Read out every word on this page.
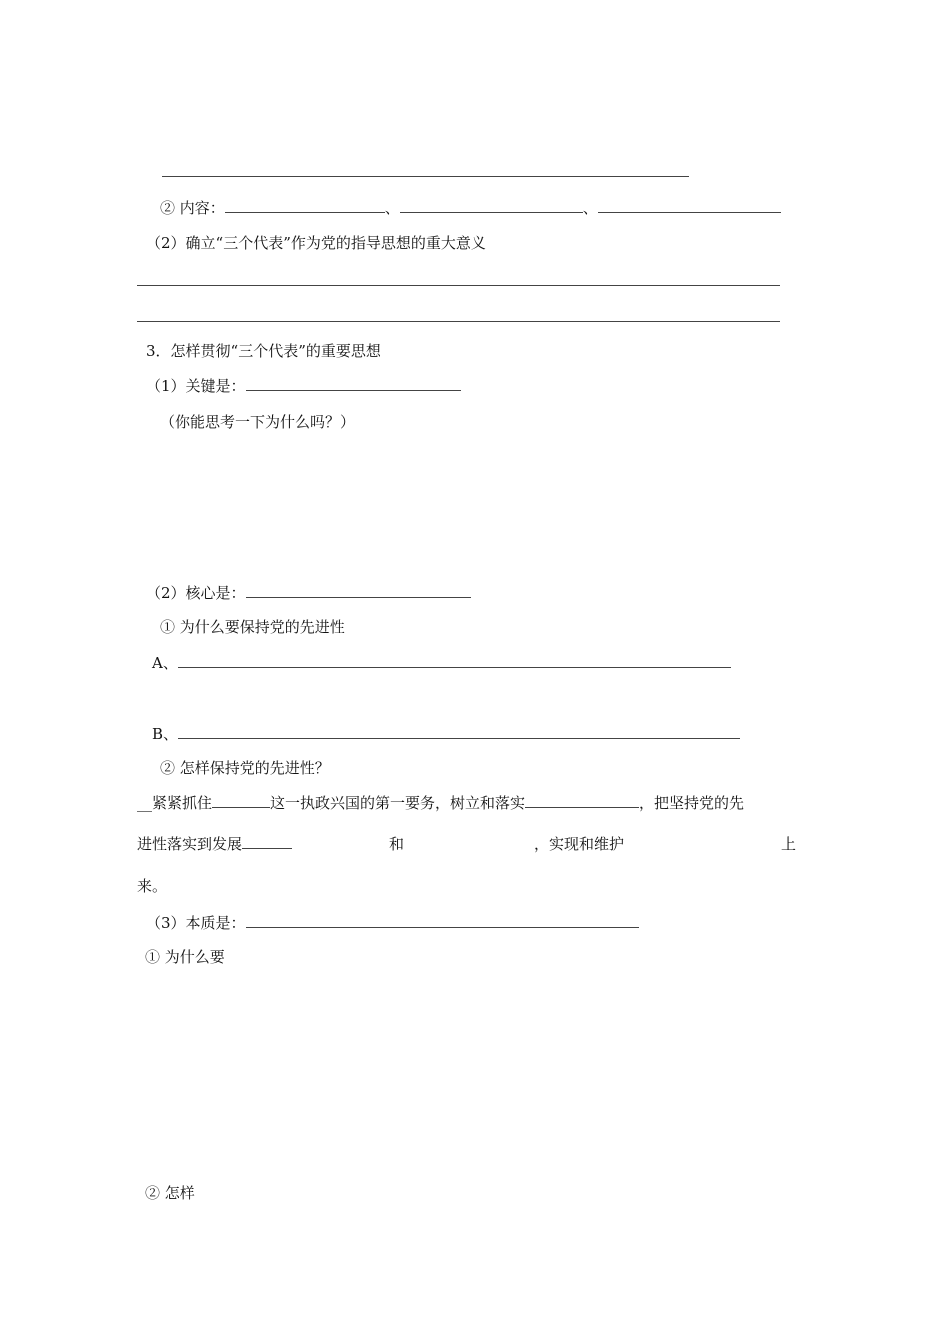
② 内容：	、	、
（2）确立“三个代表”作为党的指导思想的重大意义
3．怎样贯彻“三个代表”的重要思想
（1）关键是：
（你能思考一下为什么吗？）
（2）核心是：
① 为什么要保持党的先进性
A、
B、
② 怎样保持党的先进性？
__紧紧抓住	这一执政兴国的第一要务，树立和落实	，把坚持党的先
进性落实到发展	和	，实现和维护	上
来。
（3）本质是：
① 为什么要
② 怎样
